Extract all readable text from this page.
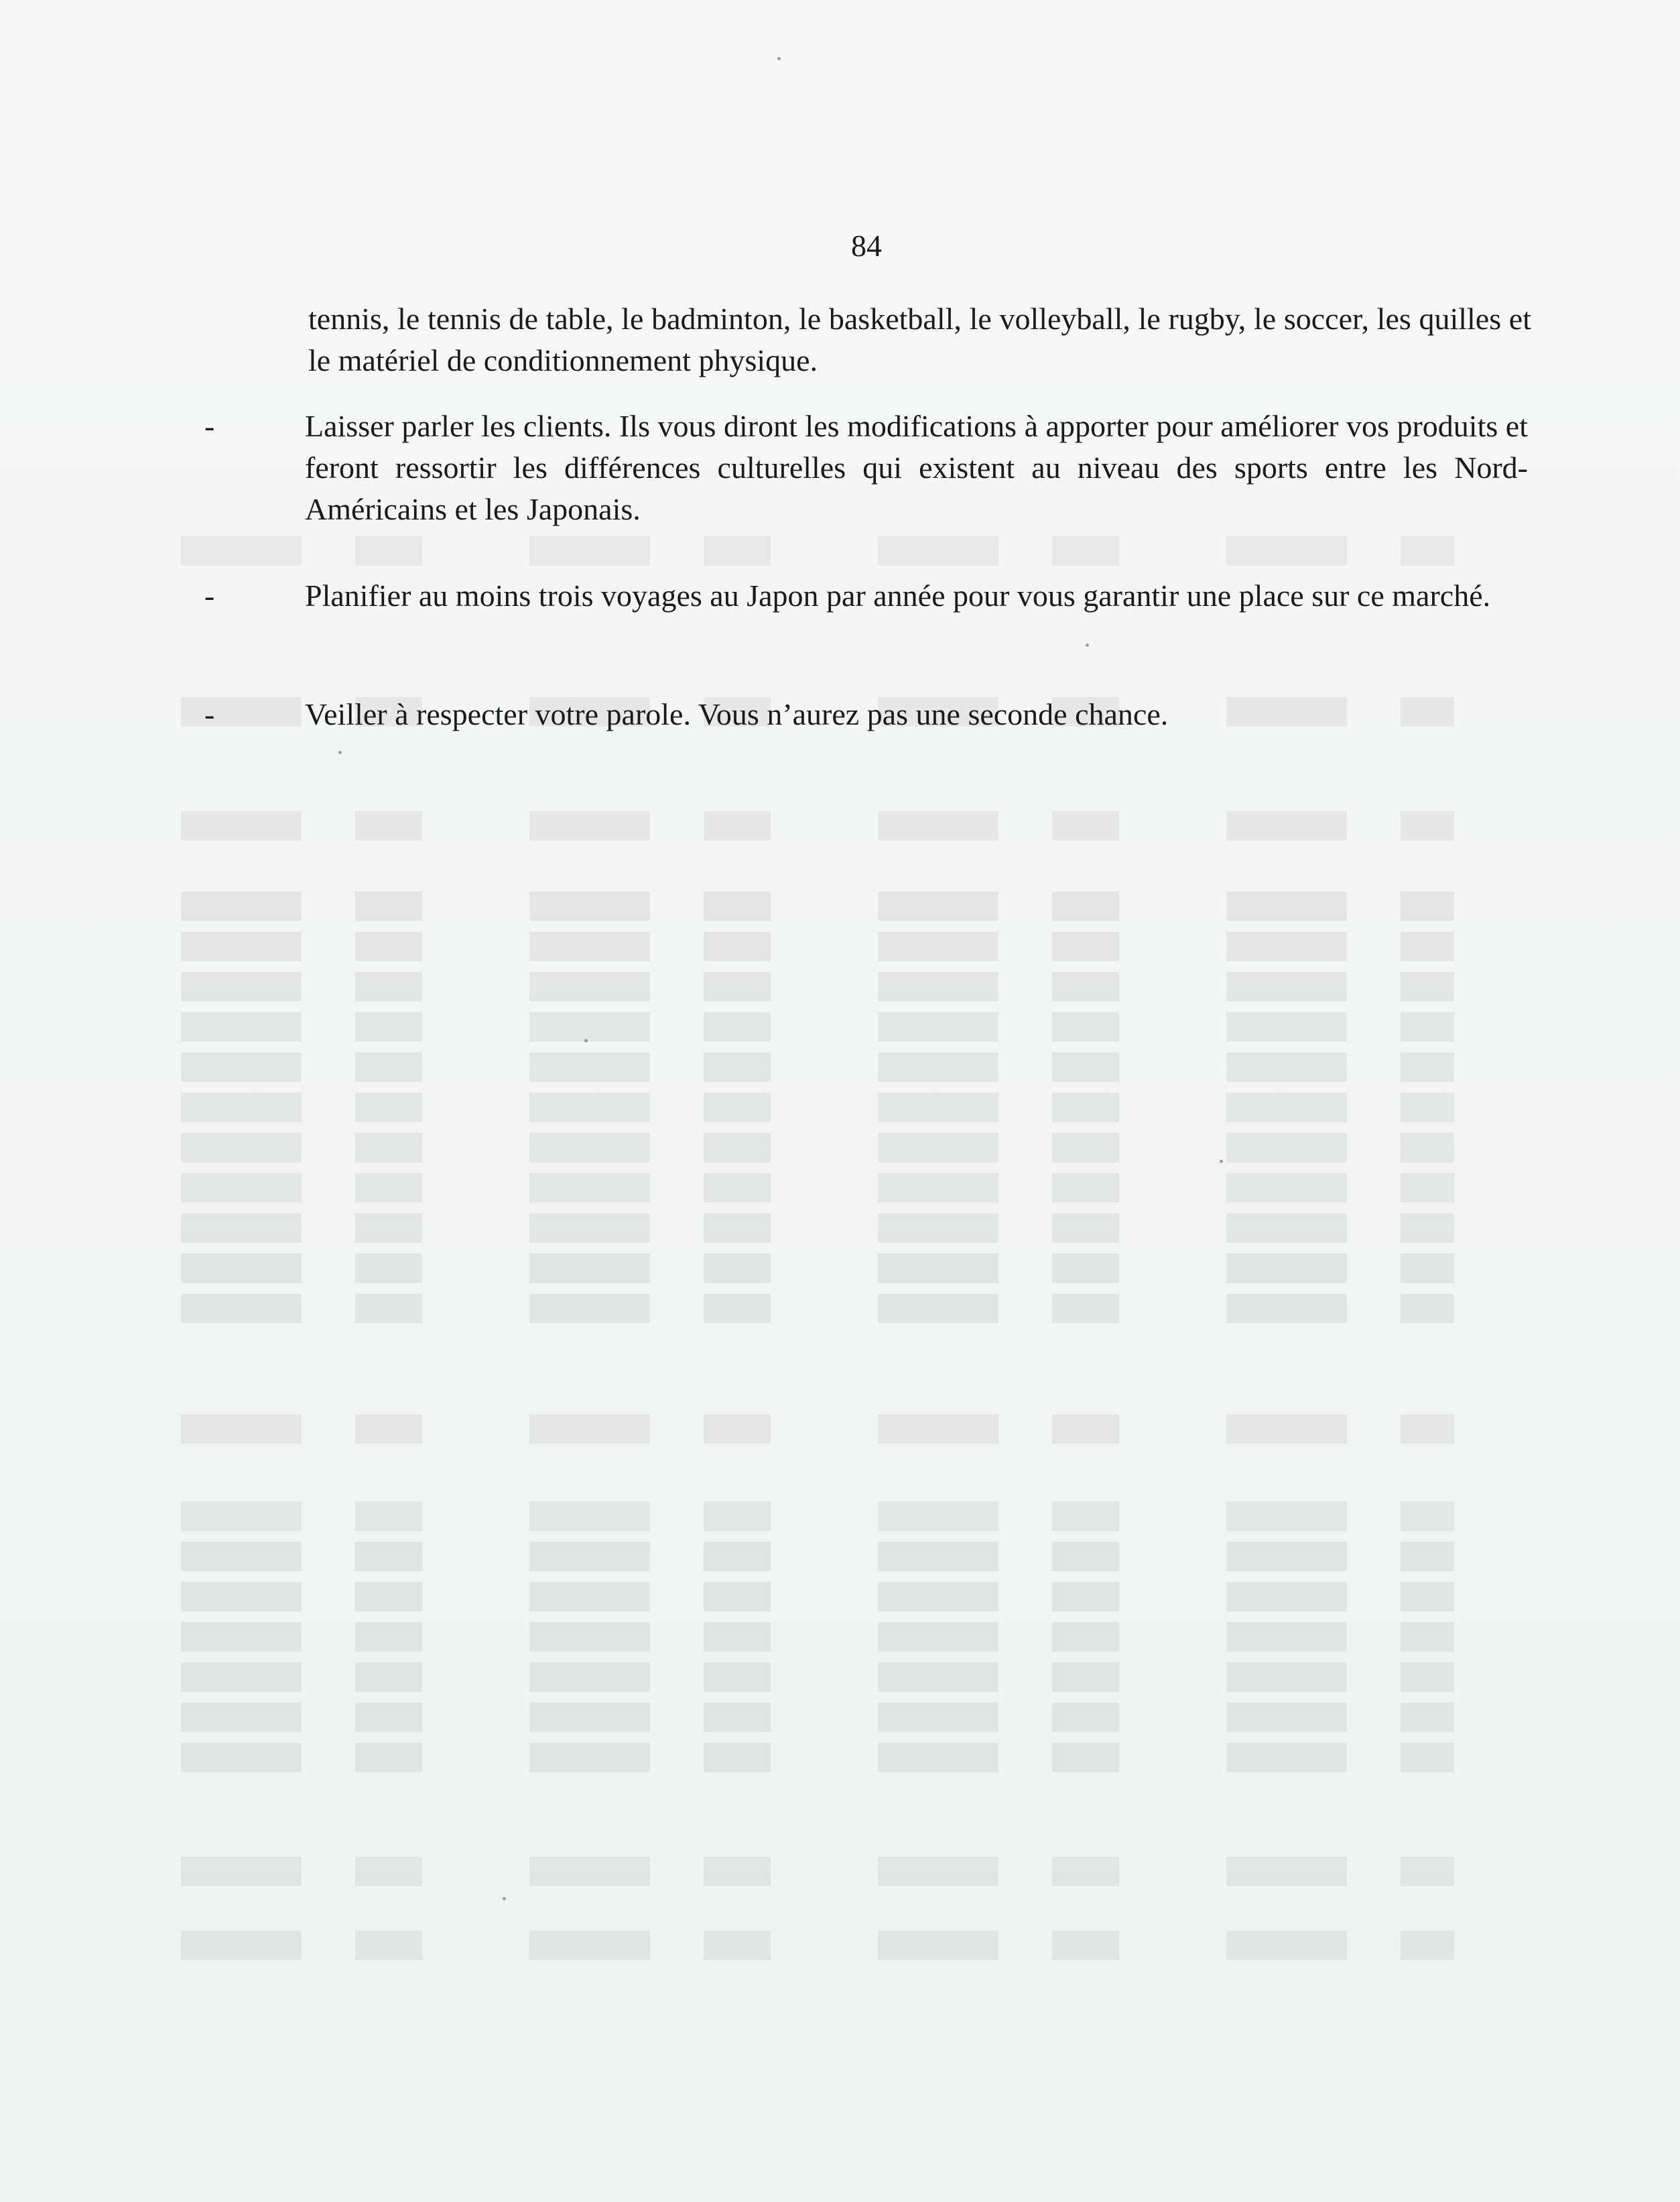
84

tennis, le tennis de table, le badminton, le basketball, le volleyball, le rugby, le soccer, les quilles et le matériel de conditionnement physique.

-	Laisser parler les clients. Ils vous diront les modifications à apporter pour améliorer vos produits et feront ressortir les différences culturelles qui existent au niveau des sports entre les Nord-Américains et les Japonais.
-	Planifier au moins trois voyages au Japon par année pour vous garantir une place sur ce marché.
-	Veiller à respecter votre parole. Vous n’aurez pas une seconde chance.
